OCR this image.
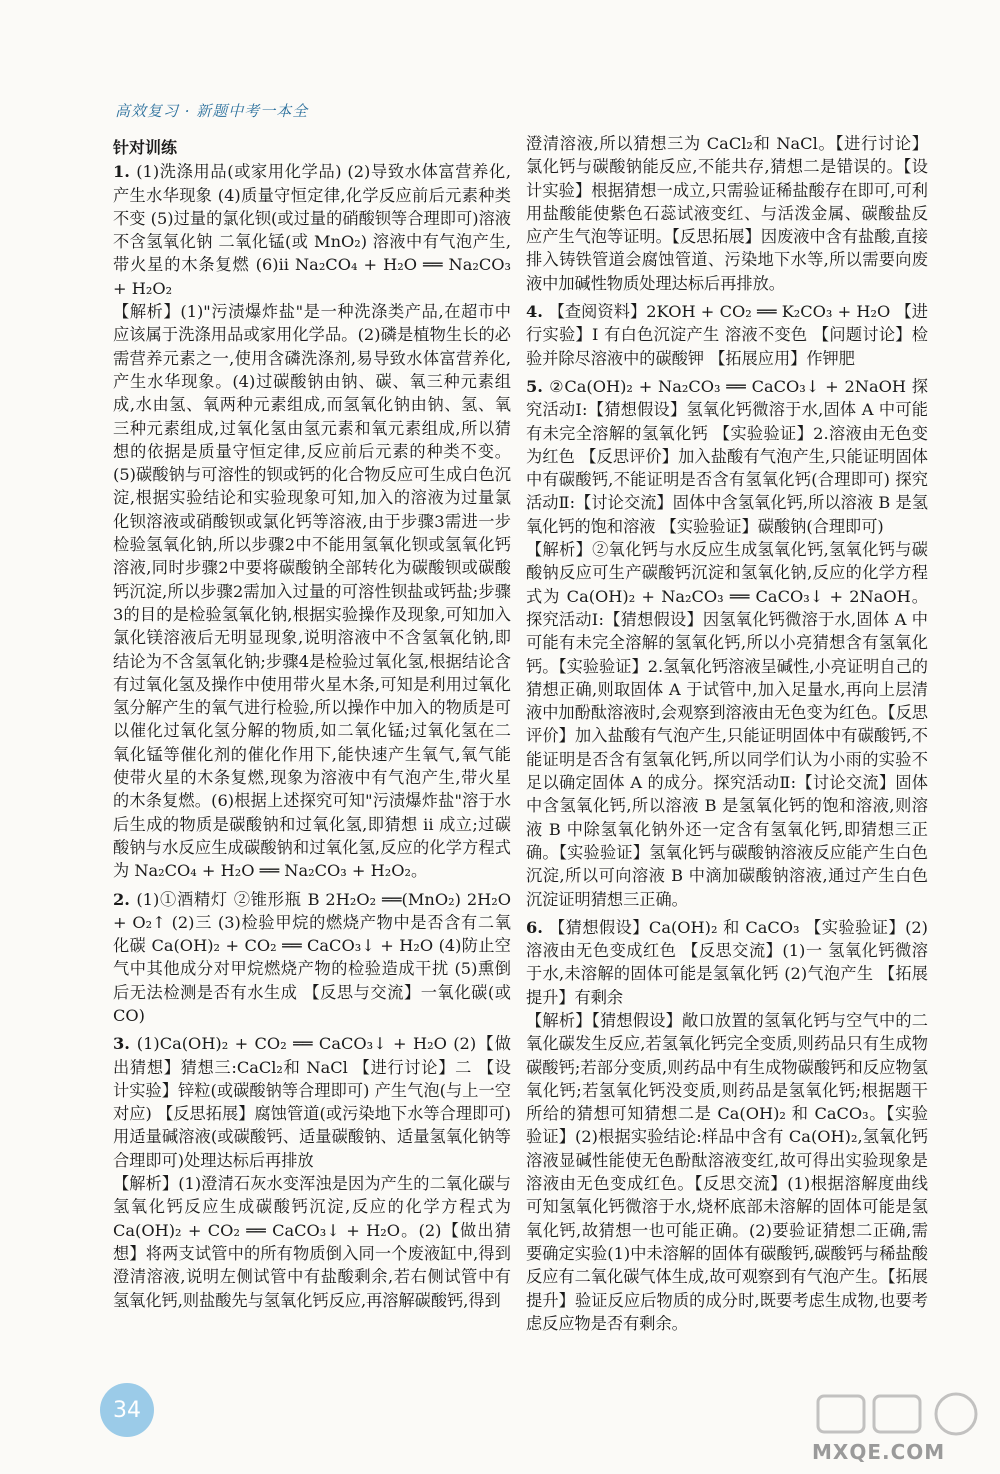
高效复习 · 新题中考一本全
针对训练

1. (1)洗涤用品(或家用化学品) (2)导致水体富营养化,产生水华现象 (4)质量守恒定律,化学反应前后元素种类不变 (5)过量的氯化钡(或过量的硝酸钡等合理即可)溶液 不含氢氧化钠 二氧化锰(或 MnO₂) 溶液中有气泡产生,带火星的木条复燃 (6)ii Na₂CO₄ + H₂O ══ Na₂CO₃ + H₂O₂

【解析】(1)"污渍爆炸盐"是一种洗涤类产品,在超市中应该属于洗涤用品或家用化学品。(2)磷是植物生长的必需营养元素之一,使用含磷洗涤剂,易导致水体富营养化,产生水华现象。(4)过碳酸钠由钠、碳、氧三种元素组成,水由氢、氧两种元素组成,而氢氧化钠由钠、氢、氧三种元素组成,过氧化氢由氢元素和氧元素组成,所以猜想的依据是质量守恒定律,反应前后元素的种类不变。(5)碳酸钠与可溶性的钡或钙的化合物反应可生成白色沉淀,根据实验结论和实验现象可知,加入的溶液为过量氯化钡溶液或硝酸钡或氯化钙等溶液,由于步骤3需进一步检验氢氧化钠,所以步骤2中不能用氢氧化钡或氢氧化钙溶液,同时步骤2中要将碳酸钠全部转化为碳酸钡或碳酸钙沉淀,所以步骤2需加入过量的可溶性钡盐或钙盐;步骤3的目的是检验氢氧化钠,根据实验操作及现象,可知加入氯化镁溶液后无明显现象,说明溶液中不含氢氧化钠,即结论为不含氢氧化钠;步骤4是检验过氧化氢,根据结论含有过氧化氢及操作中使用带火星木条,可知是利用过氧化氢分解产生的氧气进行检验,所以操作中加入的物质是可以催化过氧化氢分解的物质,如二氧化锰;过氧化氢在二氧化锰等催化剂的催化作用下,能快速产生氧气,氧气能使带火星的木条复燃,现象为溶液中有气泡产生,带火星的木条复燃。(6)根据上述探究可知"污渍爆炸盐"溶于水后生成的物质是碳酸钠和过氧化氢,即猜想 ii 成立;过碳酸钠与水反应生成碳酸钠和过氧化氢,反应的化学方程式为 Na₂CO₄ + H₂O ══ Na₂CO₃ + H₂O₂。

2. (1)①酒精灯 ②锥形瓶 B 2H₂O₂ ══(MnO₂) 2H₂O + O₂↑ (2)三 (3)检验甲烷的燃烧产物中是否含有二氧化碳 Ca(OH)₂ + CO₂ ══ CaCO₃↓ + H₂O (4)防止空气中其他成分对甲烷燃烧产物的检验造成干扰 (5)熏倒后无法检测是否有水生成 【反思与交流】一氧化碳(或 CO)

3. (1)Ca(OH)₂ + CO₂ ══ CaCO₃↓ + H₂O (2)【做出猜想】猜想三:CaCl₂和 NaCl 【进行讨论】二 【设计实验】锌粒(或碳酸钠等合理即可) 产生气泡(与上一空对应) 【反思拓展】腐蚀管道(或污染地下水等合理即可) 用适量碱溶液(或碳酸钙、适量碳酸钠、适量氢氧化钠等合理即可)处理达标后再排放

【解析】(1)澄清石灰水变浑浊是因为产生的二氧化碳与氢氧化钙反应生成碳酸钙沉淀,反应的化学方程式为 Ca(OH)₂ + CO₂ ══ CaCO₃↓ + H₂O。(2)【做出猜想】将两支试管中的所有物质倒入同一个废液缸中,得到澄清溶液,说明左侧试管中有盐酸剩余,若右侧试管中有氢氧化钙,则盐酸先与氢氧化钙反应,再溶解碳酸钙,得到

澄清溶液,所以猜想三为 CaCl₂和 NaCl。【进行讨论】氯化钙与碳酸钠能反应,不能共存,猜想二是错误的。【设计实验】根据猜想一成立,只需验证稀盐酸存在即可,可利用盐酸能使紫色石蕊试液变红、与活泼金属、碳酸盐反应产生气泡等证明。【反思拓展】因废液中含有盐酸,直接排入铸铁管道会腐蚀管道、污染地下水等,所以需要向废液中加碱性物质处理达标后再排放。

4. 【查阅资料】2KOH + CO₂ ══ K₂CO₃ + H₂O 【进行实验】Ⅰ 有白色沉淀产生 溶液不变色 【问题讨论】检验并除尽溶液中的碳酸钾 【拓展应用】作钾肥

5. ②Ca(OH)₂ + Na₂CO₃ ══ CaCO₃↓ + 2NaOH 探究活动Ⅰ:【猜想假设】氢氧化钙微溶于水,固体 A 中可能有未完全溶解的氢氧化钙 【实验验证】2.溶液由无色变为红色 【反思评价】加入盐酸有气泡产生,只能证明固体中有碳酸钙,不能证明是否含有氢氧化钙(合理即可) 探究活动Ⅱ:【讨论交流】固体中含氢氧化钙,所以溶液 B 是氢氧化钙的饱和溶液 【实验验证】碳酸钠(合理即可)

【解析】②氧化钙与水反应生成氢氧化钙,氢氧化钙与碳酸钠反应可生产碳酸钙沉淀和氢氧化钠,反应的化学方程式为 Ca(OH)₂ + Na₂CO₃ ══ CaCO₃↓ + 2NaOH。探究活动Ⅰ:【猜想假设】因氢氧化钙微溶于水,固体 A 中可能有未完全溶解的氢氧化钙,所以小亮猜想含有氢氧化钙。【实验验证】2.氢氧化钙溶液呈碱性,小亮证明自己的猜想正确,则取固体 A 于试管中,加入足量水,再向上层清液中加酚酞溶液时,会观察到溶液由无色变为红色。【反思评价】加入盐酸有气泡产生,只能证明固体中有碳酸钙,不能证明是否含有氢氧化钙,所以同学们认为小雨的实验不足以确定固体 A 的成分。探究活动Ⅱ:【讨论交流】固体中含氢氧化钙,所以溶液 B 是氢氧化钙的饱和溶液,则溶液 B 中除氢氧化钠外还一定含有氢氧化钙,即猜想三正确。【实验验证】氢氧化钙与碳酸钠溶液反应能产生白色沉淀,所以可向溶液 B 中滴加碳酸钠溶液,通过产生白色沉淀证明猜想三正确。

6. 【猜想假设】Ca(OH)₂ 和 CaCO₃ 【实验验证】(2)溶液由无色变成红色 【反思交流】(1)一 氢氧化钙微溶于水,未溶解的固体可能是氢氧化钙 (2)气泡产生 【拓展提升】有剩余

【解析】【猜想假设】敞口放置的氢氧化钙与空气中的二氧化碳发生反应,若氢氧化钙完全变质,则药品只有生成物碳酸钙;若部分变质,则药品中有生成物碳酸钙和反应物氢氧化钙;若氢氧化钙没变质,则药品是氢氧化钙;根据题干所给的猜想可知猜想二是 Ca(OH)₂ 和 CaCO₃。【实验验证】(2)根据实验结论:样品中含有 Ca(OH)₂,氢氧化钙溶液显碱性能使无色酚酞溶液变红,故可得出实验现象是溶液由无色变成红色。【反思交流】(1)根据溶解度曲线可知氢氧化钙微溶于水,烧杯底部未溶解的固体可能是氢氧化钙,故猜想一也可能正确。(2)要验证猜想二正确,需要确定实验(1)中未溶解的固体有碳酸钙,碳酸钙与稀盐酸反应有二氧化碳气体生成,故可观察到有气泡产生。【拓展提升】验证反应后物质的成分时,既要考虑生成物,也要考虑反应物是否有剩余。

34
MXQE.COM
